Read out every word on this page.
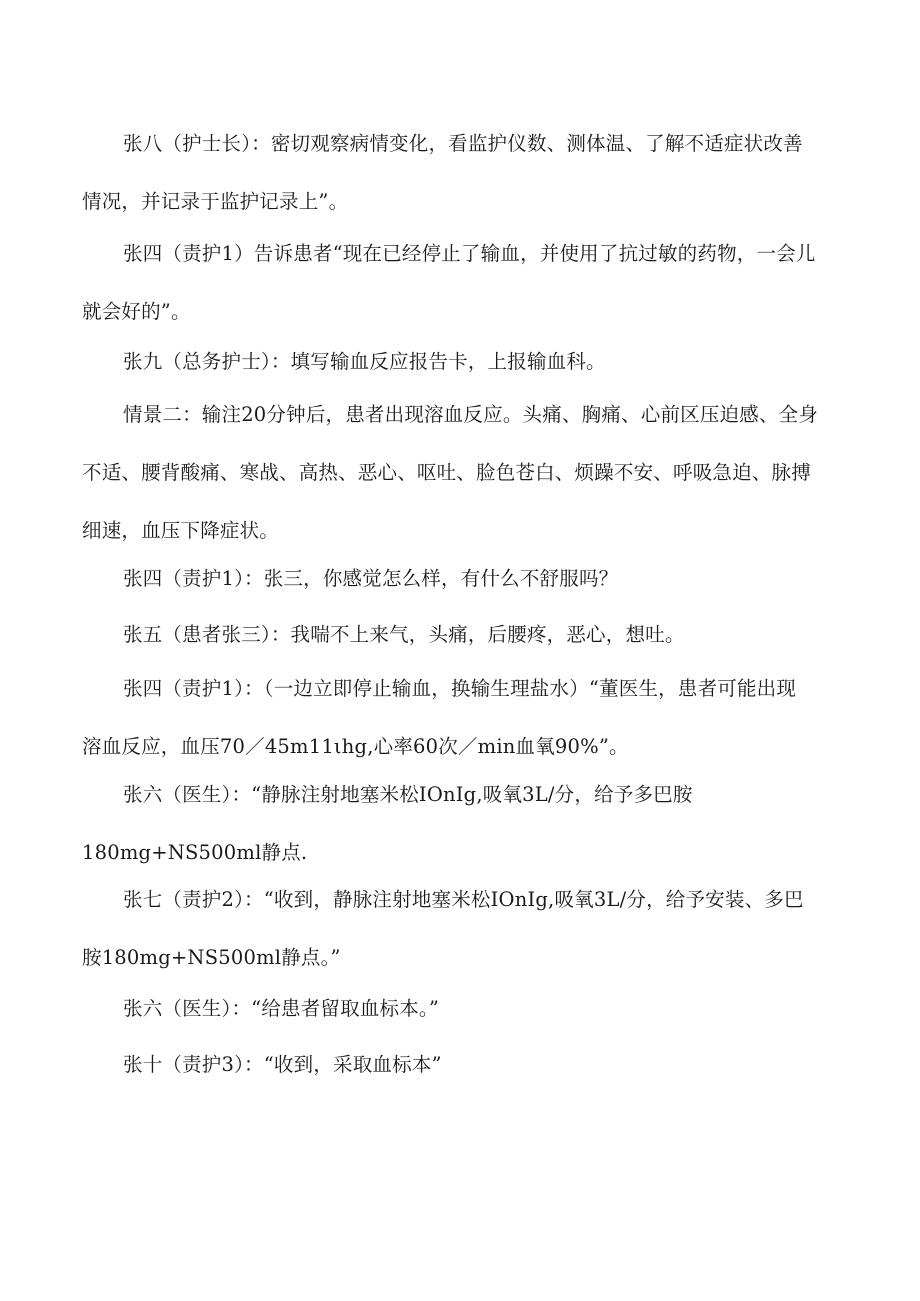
张八（护士长）：密切观察病情变化，看监护仪数、测体温、了解不适症状改善
情况，并记录于监护记录上”。

张四（责护1）告诉患者“现在已经停止了输血，并使用了抗过敏的药物，一会儿
就会好的”。

张九（总务护士）：填写输血反应报告卡，上报输血科。

情景二：输注20分钟后，患者出现溶血反应。头痛、胸痛、心前区压迫感、全身
不适、腰背酸痛、寒战、高热、恶心、呕吐、脸色苍白、烦躁不安、呼吸急迫、脉搏
细速，血压下降症状。

张四（责护1）：张三，你感觉怎么样，有什么不舒服吗？

张五（患者张三）：我喘不上来气，头痛，后腰疼，恶心，想吐。

张四（责护1）：（一边立即停止输血，换输生理盐水）“董医生，患者可能出现
溶血反应，血压70／45m11ιhg,心率60次／min血氧90%”。

张六（医生）：“静脉注射地塞米松IOnIg,吸氧3L/分，给予多巴胺
180mg+NS500ml静点.

张七（责护2）：“收到，静脉注射地塞米松IOnIg,吸氧3L/分，给予安装、多巴
胺180mg+NS500ml静点。”

张六（医生）：“给患者留取血标本。”

张十（责护3）：“收到，采取血标本”
